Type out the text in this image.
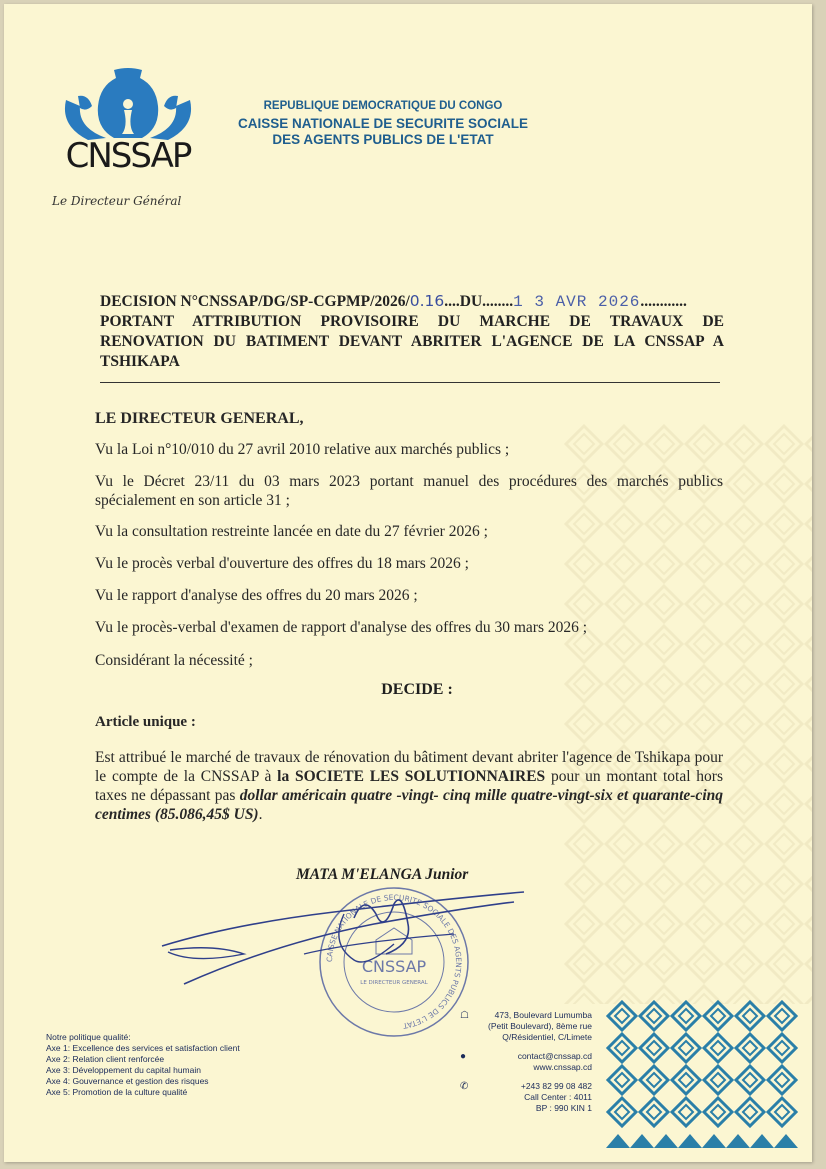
CNSSAP
Le Directeur Général
REPUBLIQUE DEMOCRATIQUE DU CONGO
CAISSE NATIONALE DE SECURITE SOCIALE
DES AGENTS PUBLICS DE L'ETAT
DECISION N°CNSSAP/DG/SP-CGPMP/2026/0.16....DU........1 3 AVR 2026............
PORTANT ATTRIBUTION PROVISOIRE DU MARCHE DE TRAVAUX DE RENOVATION DU BATIMENT DEVANT ABRITER L'AGENCE DE LA CNSSAP A TSHIKAPA
LE DIRECTEUR GENERAL,
Vu la Loi n°10/010 du 27 avril 2010 relative aux marchés publics ;
Vu le Décret 23/11 du 03 mars 2023 portant manuel des procédures des marchés publics spécialement en son article 31 ;
Vu la consultation restreinte lancée en date du 27 février 2026 ;
Vu le procès verbal d'ouverture des offres du 18 mars 2026 ;
Vu le rapport d'analyse des offres du 20 mars 2026 ;
Vu le procès-verbal d'examen de rapport d'analyse des offres du 30 mars 2026 ;
Considérant la nécessité ;
DECIDE :
Article unique :
Est attribué le marché de travaux de rénovation du bâtiment devant abriter l'agence de Tshikapa pour le compte de la CNSSAP à la SOCIETE LES SOLUTIONNAIRES pour un montant total hors taxes ne dépassant pas dollar américain quatre -vingt- cinq mille quatre-vingt-six et quarante-cinq centimes (85.086,45$ US).
MATA M'ELANGA Junior
CAISSE NATIONALE DE SECURITE SOCIALE DES AGENTS PUBLICS DE L'ETAT
CNSSAP
LE DIRECTEUR GENERAL
Notre politique qualité:
Axe 1: Excellence des services et satisfaction client
Axe 2: Relation client renforcée
Axe 3: Développement du capital humain
Axe 4: Gouvernance et gestion des risques
Axe 5: Promotion de la culture qualité
☖	473, Boulevard Lumumba
(Petit Boulevard), 8ème rue
Q/Résidentiel, C/Limete
●	contact@cnssap.cd
www.cnssap.cd
✆	+243 82 99 08 482
Call Center : 4011
BP : 990 KIN 1
